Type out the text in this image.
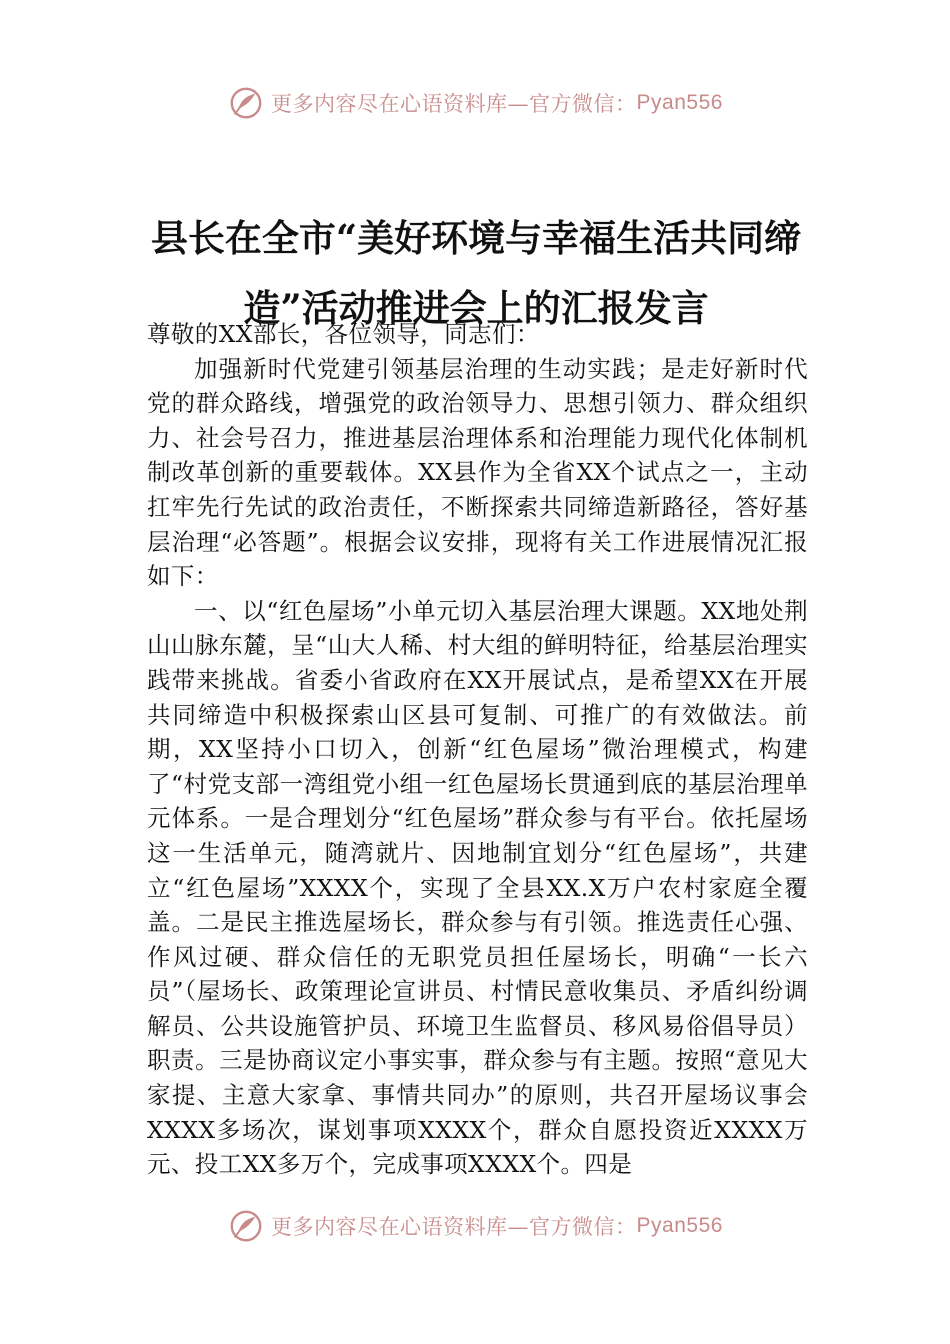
更多内容尽在心语资料库—官方微信： Pyan556
县长在全市“美好环境与幸福生活共同缔造”活动推进会上的汇报发言

尊敬的XX部长，各位领导，同志们：

加强新时代党建引领基层治理的生动实践；是走好新时代党的群众路线，增强党的政治领导力、思想引领力、群众组织力、社会号召力，推进基层治理体系和治理能力现代化体制机制改革创新的重要载体。XX县作为全省XX个试点之一，主动扛牢先行先试的政治责任，不断探索共同缔造新路径，答好基层治理“必答题”。根据会议安排，现将有关工作进展情况汇报如下：

一、以“红色屋场”小单元切入基层治理大课题。XX地处荆山山脉东麓，呈“山大人稀、村大组的鲜明特征，给基层治理实践带来挑战。省委小省政府在XX开展试点，是希望XX在开展共同缔造中积极探索山区县可复制、可推广的有效做法。前期，XX坚持小口切入，创新“红色屋场”微治理模式，构建了“村党支部一湾组党小组一红色屋场长贯通到底的基层治理单元体系。一是合理划分“红色屋场”群众参与有平台。依托屋场这一生活单元，随湾就片、因地制宜划分“红色屋场”，共建立“红色屋场”XXXX个，实现了全县XX.X万户农村家庭全覆盖。二是民主推选屋场长，群众参与有引领。推选责任心强、作风过硬、群众信任的无职党员担任屋场长，明确“一长六员”（屋场长、政策理论宣讲员、村情民意收集员、矛盾纠纷调解员、公共设施管护员、环境卫生监督员、移风易俗倡导员）职责。三是协商议定小事实事，群众参与有主题。按照“意见大家提、主意大家拿、事情共同办”的原则，共召开屋场议事会XXXX多场次，谋划事项XXXX个，群众自愿投资近XXXX万元、投工XX多万个，完成事项XXXX个。四是

更多内容尽在心语资料库—官方微信： Pyan556
